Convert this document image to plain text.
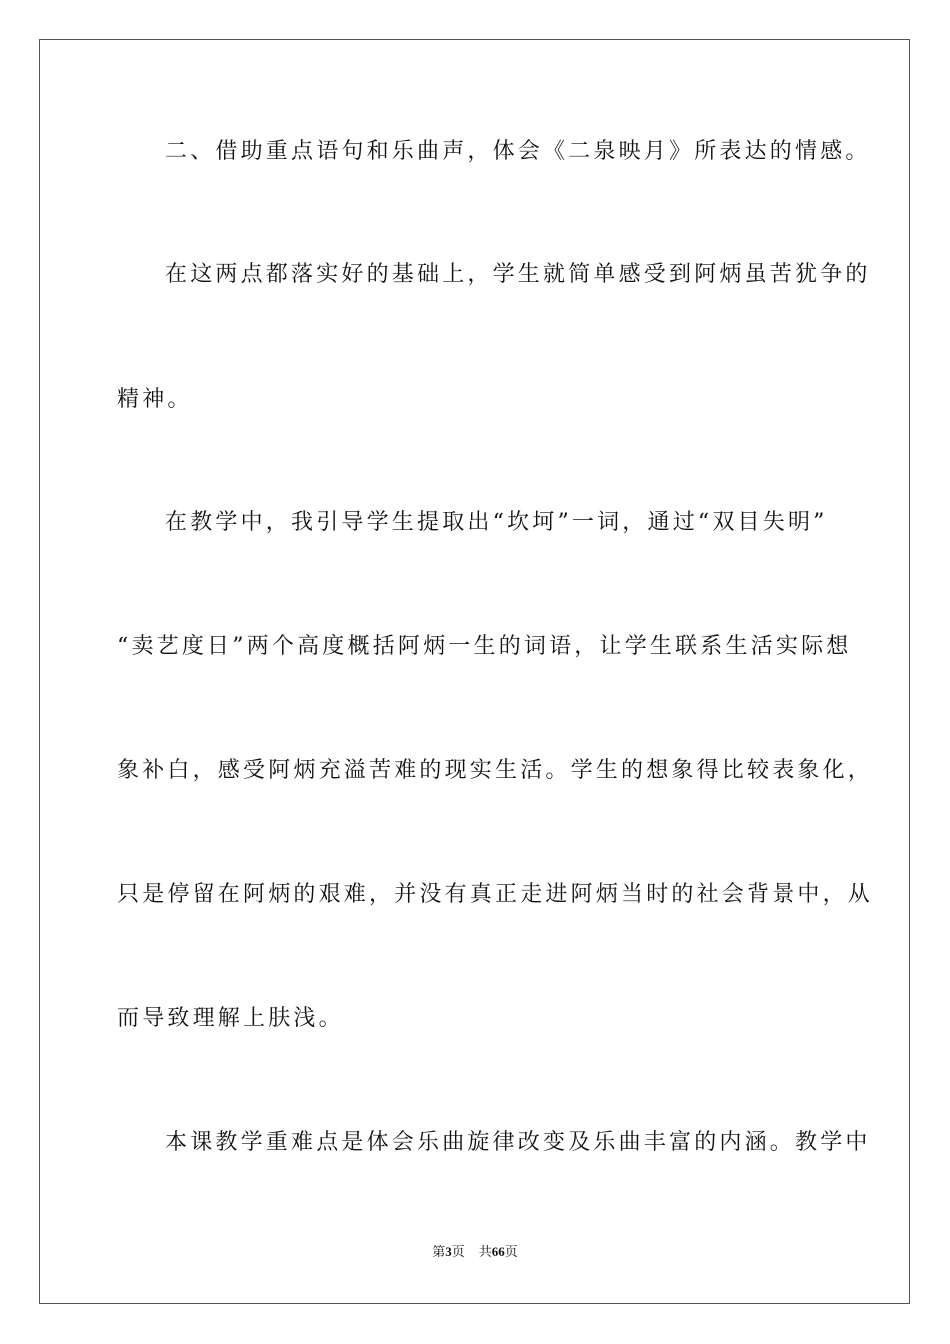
二、借助重点语句和乐曲声，体会《二泉映月》所表达的情感。
在这两点都落实好的基础上，学生就简单感受到阿炳虽苦犹争的
精神。
在教学中，我引导学生提取出“坎坷”一词，通过“双目失明”
“卖艺度日”两个高度概括阿炳一生的词语，让学生联系生活实际想
象补白，感受阿炳充溢苦难的现实生活。学生的想象得比较表象化，
只是停留在阿炳的艰难，并没有真正走进阿炳当时的社会背景中，从
而导致理解上肤浅。
本课教学重难点是体会乐曲旋律改变及乐曲丰富的内涵。教学中
第3页 共66页
